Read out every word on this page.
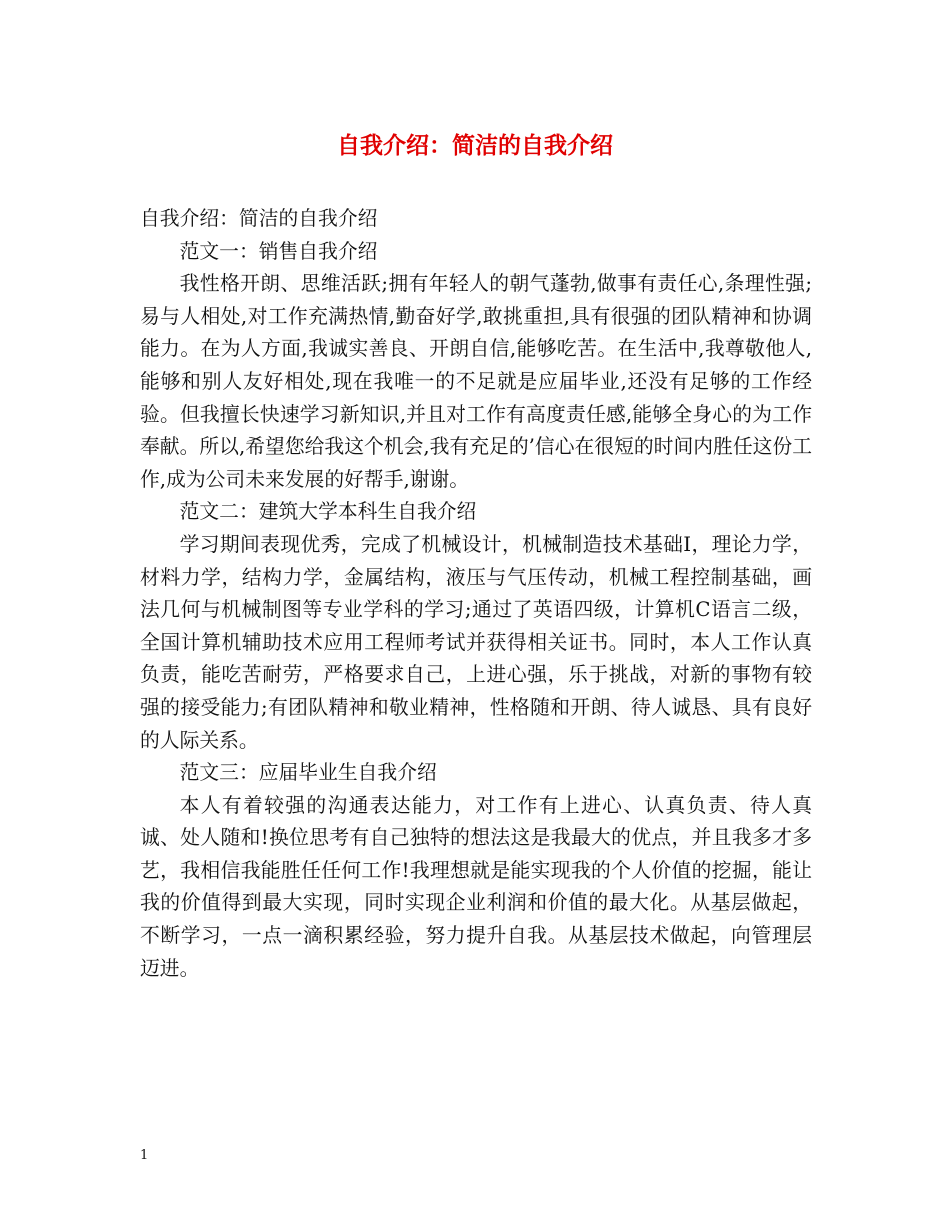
自我介绍：简洁的自我介绍

自我介绍：简洁的自我介绍

范文一：销售自我介绍

我性格开朗、思维活跃;拥有年轻人的朝气蓬勃,做事有责任心,条理性强;易与人相处,对工作充满热情,勤奋好学,敢挑重担,具有很强的团队精神和协调能力。在为人方面,我诚实善良、开朗自信,能够吃苦。在生活中,我尊敬他人,能够和别人友好相处,现在我唯一的不足就是应届毕业,还没有足够的工作经验。但我擅长快速学习新知识,并且对工作有高度责任感,能够全身心的为工作奉献。所以,希望您给我这个机会,我有充足的’信心在很短的时间内胜任这份工作,成为公司未来发展的好帮手,谢谢。

范文二：建筑大学本科生自我介绍

学习期间表现优秀，完成了机械设计，机械制造技术基础Ⅰ，理论力学，材料力学，结构力学，金属结构，液压与气压传动，机械工程控制基础，画法几何与机械制图等专业学科的学习;通过了英语四级，计算机C语言二级，全国计算机辅助技术应用工程师考试并获得相关证书。同时，本人工作认真负责，能吃苦耐劳，严格要求自己，上进心强，乐于挑战，对新的事物有较强的接受能力;有团队精神和敬业精神，性格随和开朗、待人诚恳、具有良好的人际关系。

范文三：应届毕业生自我介绍

本人有着较强的沟通表达能力，对工作有上进心、认真负责、待人真诚、处人随和!换位思考有自己独特的想法这是我最大的优点，并且我多才多艺，我相信我能胜任任何工作!我理想就是能实现我的个人价值的挖掘，能让我的价值得到最大实现，同时实现企业利润和价值的最大化。从基层做起，不断学习，一点一滴积累经验，努力提升自我。从基层技术做起，向管理层迈进。

1
